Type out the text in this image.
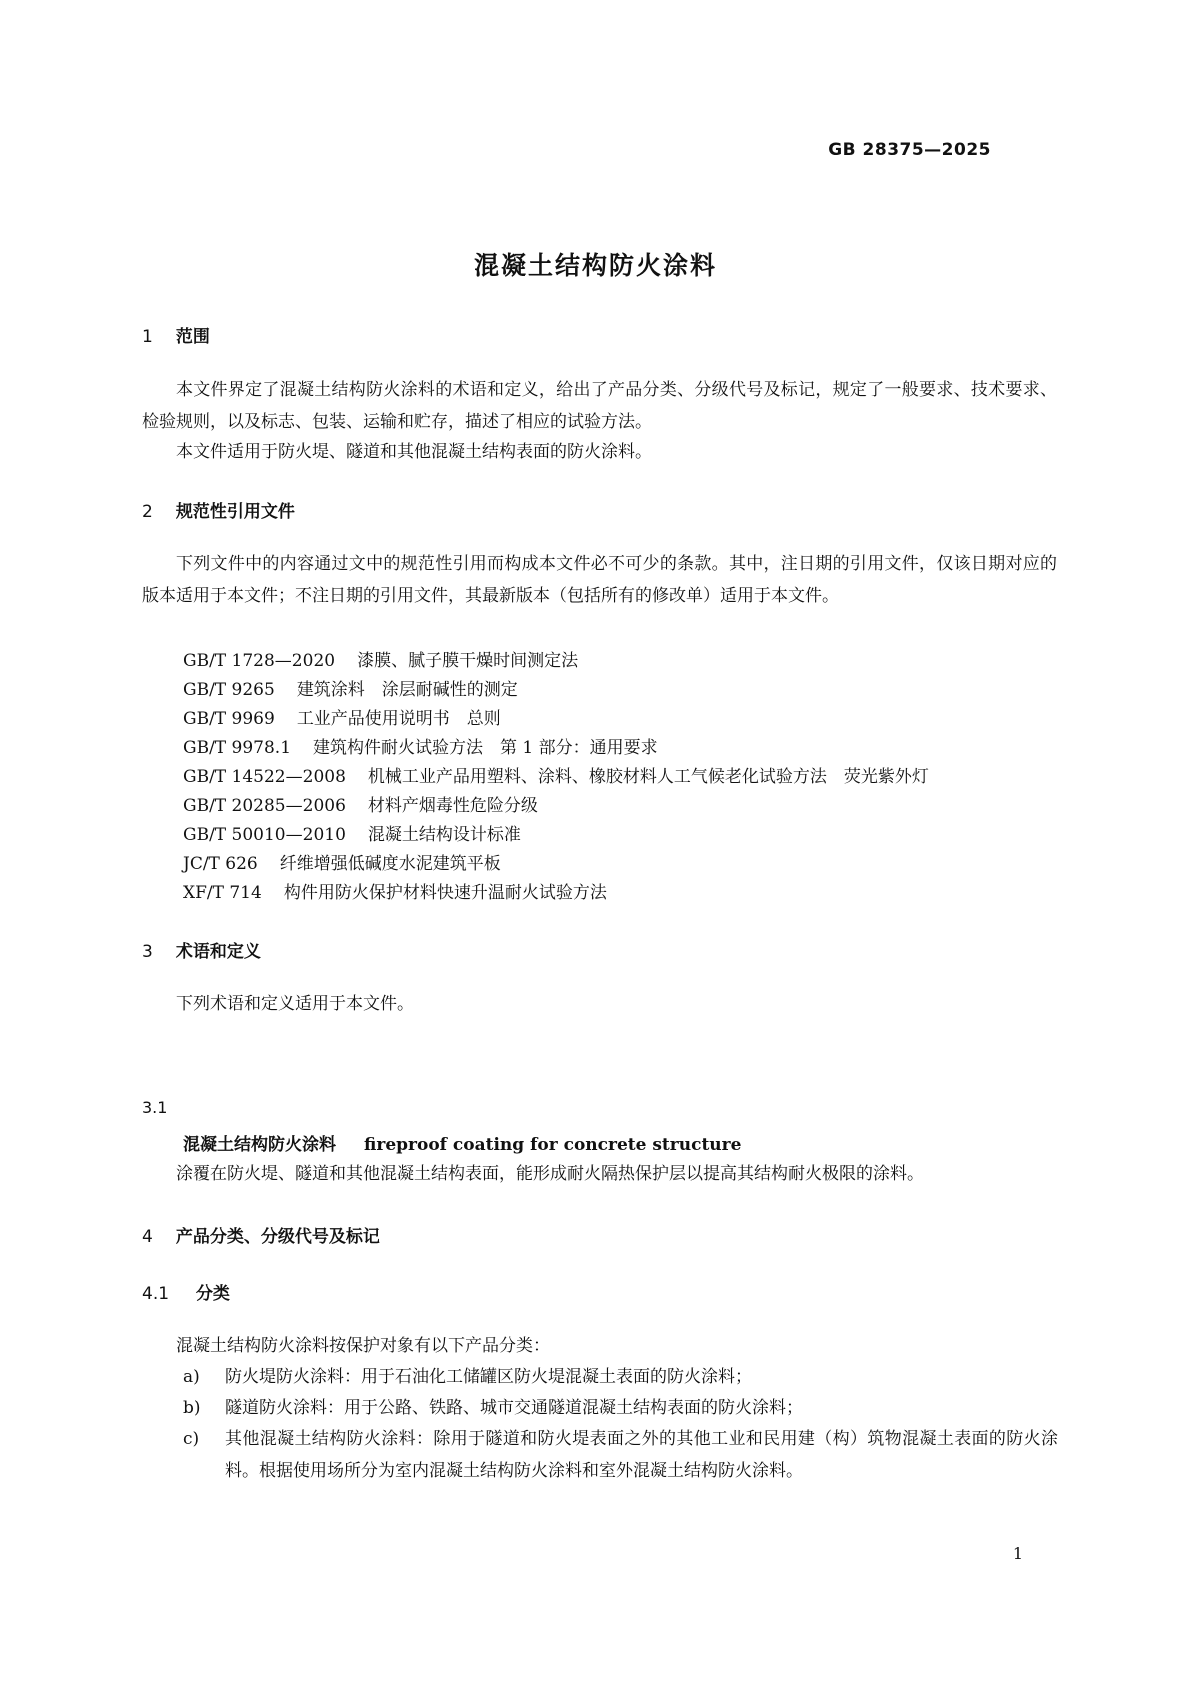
GB 28375—2025
混凝土结构防火涂料
1 范围
本文件界定了混凝土结构防火涂料的术语和定义，给出了产品分类、分级代号及标记，规定了一般要求、技术要求、检验规则，以及标志、包装、运输和贮存，描述了相应的试验方法。
本文件适用于防火堤、隧道和其他混凝土结构表面的防火涂料。
2 规范性引用文件
下列文件中的内容通过文中的规范性引用而构成本文件必不可少的条款。其中，注日期的引用文件，仅该日期对应的版本适用于本文件；不注日期的引用文件，其最新版本（包括所有的修改单）适用于本文件。
GB/T 1728—2020 漆膜、腻子膜干燥时间测定法
GB/T 9265 建筑涂料　涂层耐碱性的测定
GB/T 9969 工业产品使用说明书　总则
GB/T 9978.1 建筑构件耐火试验方法　第 1 部分：通用要求
GB/T 14522—2008 机械工业产品用塑料、涂料、橡胶材料人工气候老化试验方法　荧光紫外灯
GB/T 20285—2006 材料产烟毒性危险分级
GB/T 50010—2010 混凝土结构设计标准
JC/T 626 纤维增强低碱度水泥建筑平板
XF/T 714 构件用防火保护材料快速升温耐火试验方法
3 术语和定义
下列术语和定义适用于本文件。
3.1
混凝土结构防火涂料 fireproof coating for concrete structure
涂覆在防火堤、隧道和其他混凝土结构表面，能形成耐火隔热保护层以提高其结构耐火极限的涂料。
4 产品分类、分级代号及标记
4.1 分类
混凝土结构防火涂料按保护对象有以下产品分类：
a) 防火堤防火涂料：用于石油化工储罐区防火堤混凝土表面的防火涂料；
b) 隧道防火涂料：用于公路、铁路、城市交通隧道混凝土结构表面的防火涂料；
c) 其他混凝土结构防火涂料：除用于隧道和防火堤表面之外的其他工业和民用建（构）筑物混凝土表面的防火涂料。根据使用场所分为室内混凝土结构防火涂料和室外混凝土结构防火涂料。
1
